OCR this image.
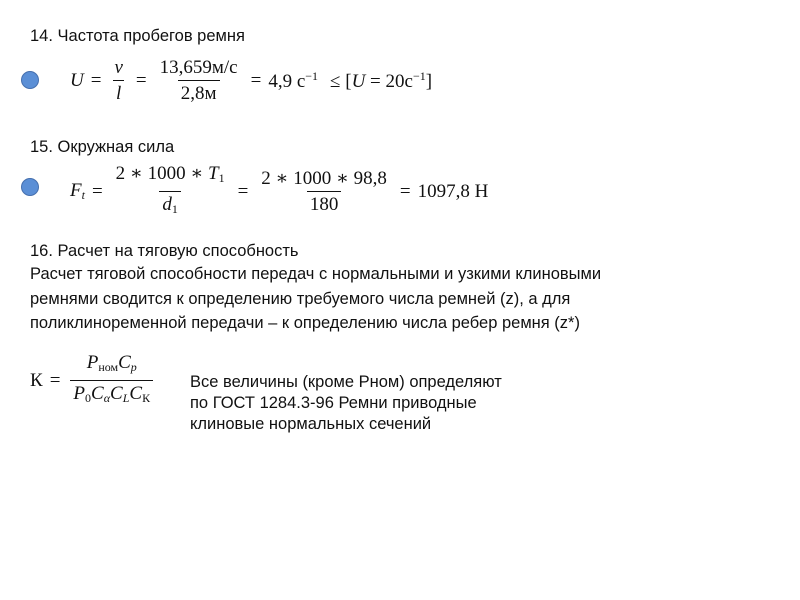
14. Частота пробегов ремня
$U = \frac{v}{l} = \frac{13,659м/с}{2,8м} = 4,9$ $с^{-1} \le [U = 20с^{-1}]$
15. Окружная сила
$F_t = \frac{2 ∗ 1000 ∗ T_1}{d_1} = \frac{2 ∗ 1000 ∗ 98,8}{180} = 1097,8$ Н
16. Расчет на тяговую способность
Расчет тяговой способности передач с нормальными и узкими клиновыми
ремнями сводится к определению требуемого числа ремней (z), а для
поликлиноременной передачи – к определению числа ребер ремня (z*)
$К = \frac{P_{ном}C_p}{P_0C_\alpha C_LC_К}$ Все величины (кроме Рном) определяют
по ГОСТ 1284.3-96 Ремни приводные
клиновые нормальных сечений
